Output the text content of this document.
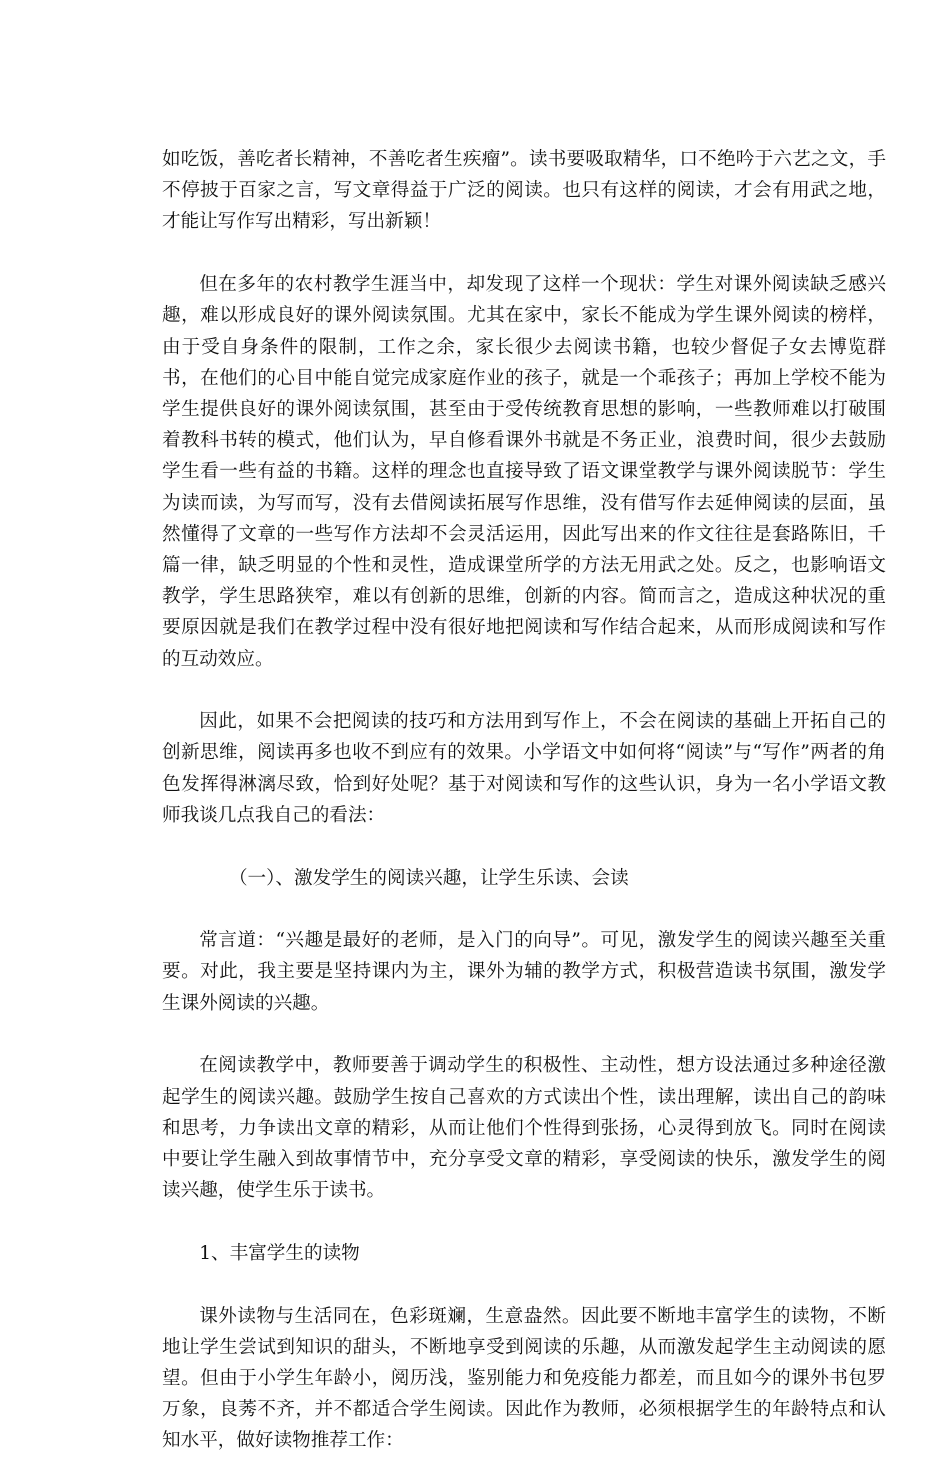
如吃饭，善吃者长精神，不善吃者生疾瘤”。读书要吸取精华，口不绝吟于六艺之文，手不停披于百家之言，写文章得益于广泛的阅读。也只有这样的阅读，才会有用武之地，才能让写作写出精彩，写出新颖！

但在多年的农村教学生涯当中，却发现了这样一个现状：学生对课外阅读缺乏感兴趣，难以形成良好的课外阅读氛围。尤其在家中，家长不能成为学生课外阅读的榜样，由于受自身条件的限制，工作之余，家长很少去阅读书籍，也较少督促子女去博览群书，在他们的心目中能自觉完成家庭作业的孩子，就是一个乖孩子；再加上学校不能为学生提供良好的课外阅读氛围，甚至由于受传统教育思想的影响，一些教师难以打破围着教科书转的模式，他们认为，早自修看课外书就是不务正业，浪费时间，很少去鼓励学生看一些有益的书籍。这样的理念也直接导致了语文课堂教学与课外阅读脱节：学生为读而读，为写而写，没有去借阅读拓展写作思维，没有借写作去延伸阅读的层面，虽然懂得了文章的一些写作方法却不会灵活运用，因此写出来的作文往往是套路陈旧，千篇一律，缺乏明显的个性和灵性，造成课堂所学的方法无用武之处。反之，也影响语文教学，学生思路狭窄，难以有创新的思维，创新的内容。简而言之，造成这种状况的重要原因就是我们在教学过程中没有很好地把阅读和写作结合起来，从而形成阅读和写作的互动效应。

因此，如果不会把阅读的技巧和方法用到写作上，不会在阅读的基础上开拓自己的创新思维，阅读再多也收不到应有的效果。小学语文中如何将“阅读”与“写作”两者的角色发挥得淋漓尽致，恰到好处呢？基于对阅读和写作的这些认识，身为一名小学语文教师我谈几点我自己的看法：

（一）、激发学生的阅读兴趣，让学生乐读、会读

常言道：“兴趣是最好的老师，是入门的向导”。可见，激发学生的阅读兴趣至关重要。对此，我主要是坚持课内为主，课外为辅的教学方式，积极营造读书氛围，激发学生课外阅读的兴趣。

在阅读教学中，教师要善于调动学生的积极性、主动性，想方设法通过多种途径激起学生的阅读兴趣。鼓励学生按自己喜欢的方式读出个性，读出理解，读出自己的韵味和思考，力争读出文章的精彩，从而让他们个性得到张扬，心灵得到放飞。同时在阅读中要让学生融入到故事情节中，充分享受文章的精彩，享受阅读的快乐，激发学生的阅读兴趣，使学生乐于读书。

1、丰富学生的读物

课外读物与生活同在，色彩斑斓，生意盎然。因此要不断地丰富学生的读物，不断地让学生尝试到知识的甜头，不断地享受到阅读的乐趣，从而激发起学生主动阅读的愿望。但由于小学生年龄小，阅历浅，鉴别能力和免疫能力都差，而且如今的课外书包罗万象，良莠不齐，并不都适合学生阅读。因此作为教师，必须根据学生的年龄特点和认知水平，做好读物推荐工作：
